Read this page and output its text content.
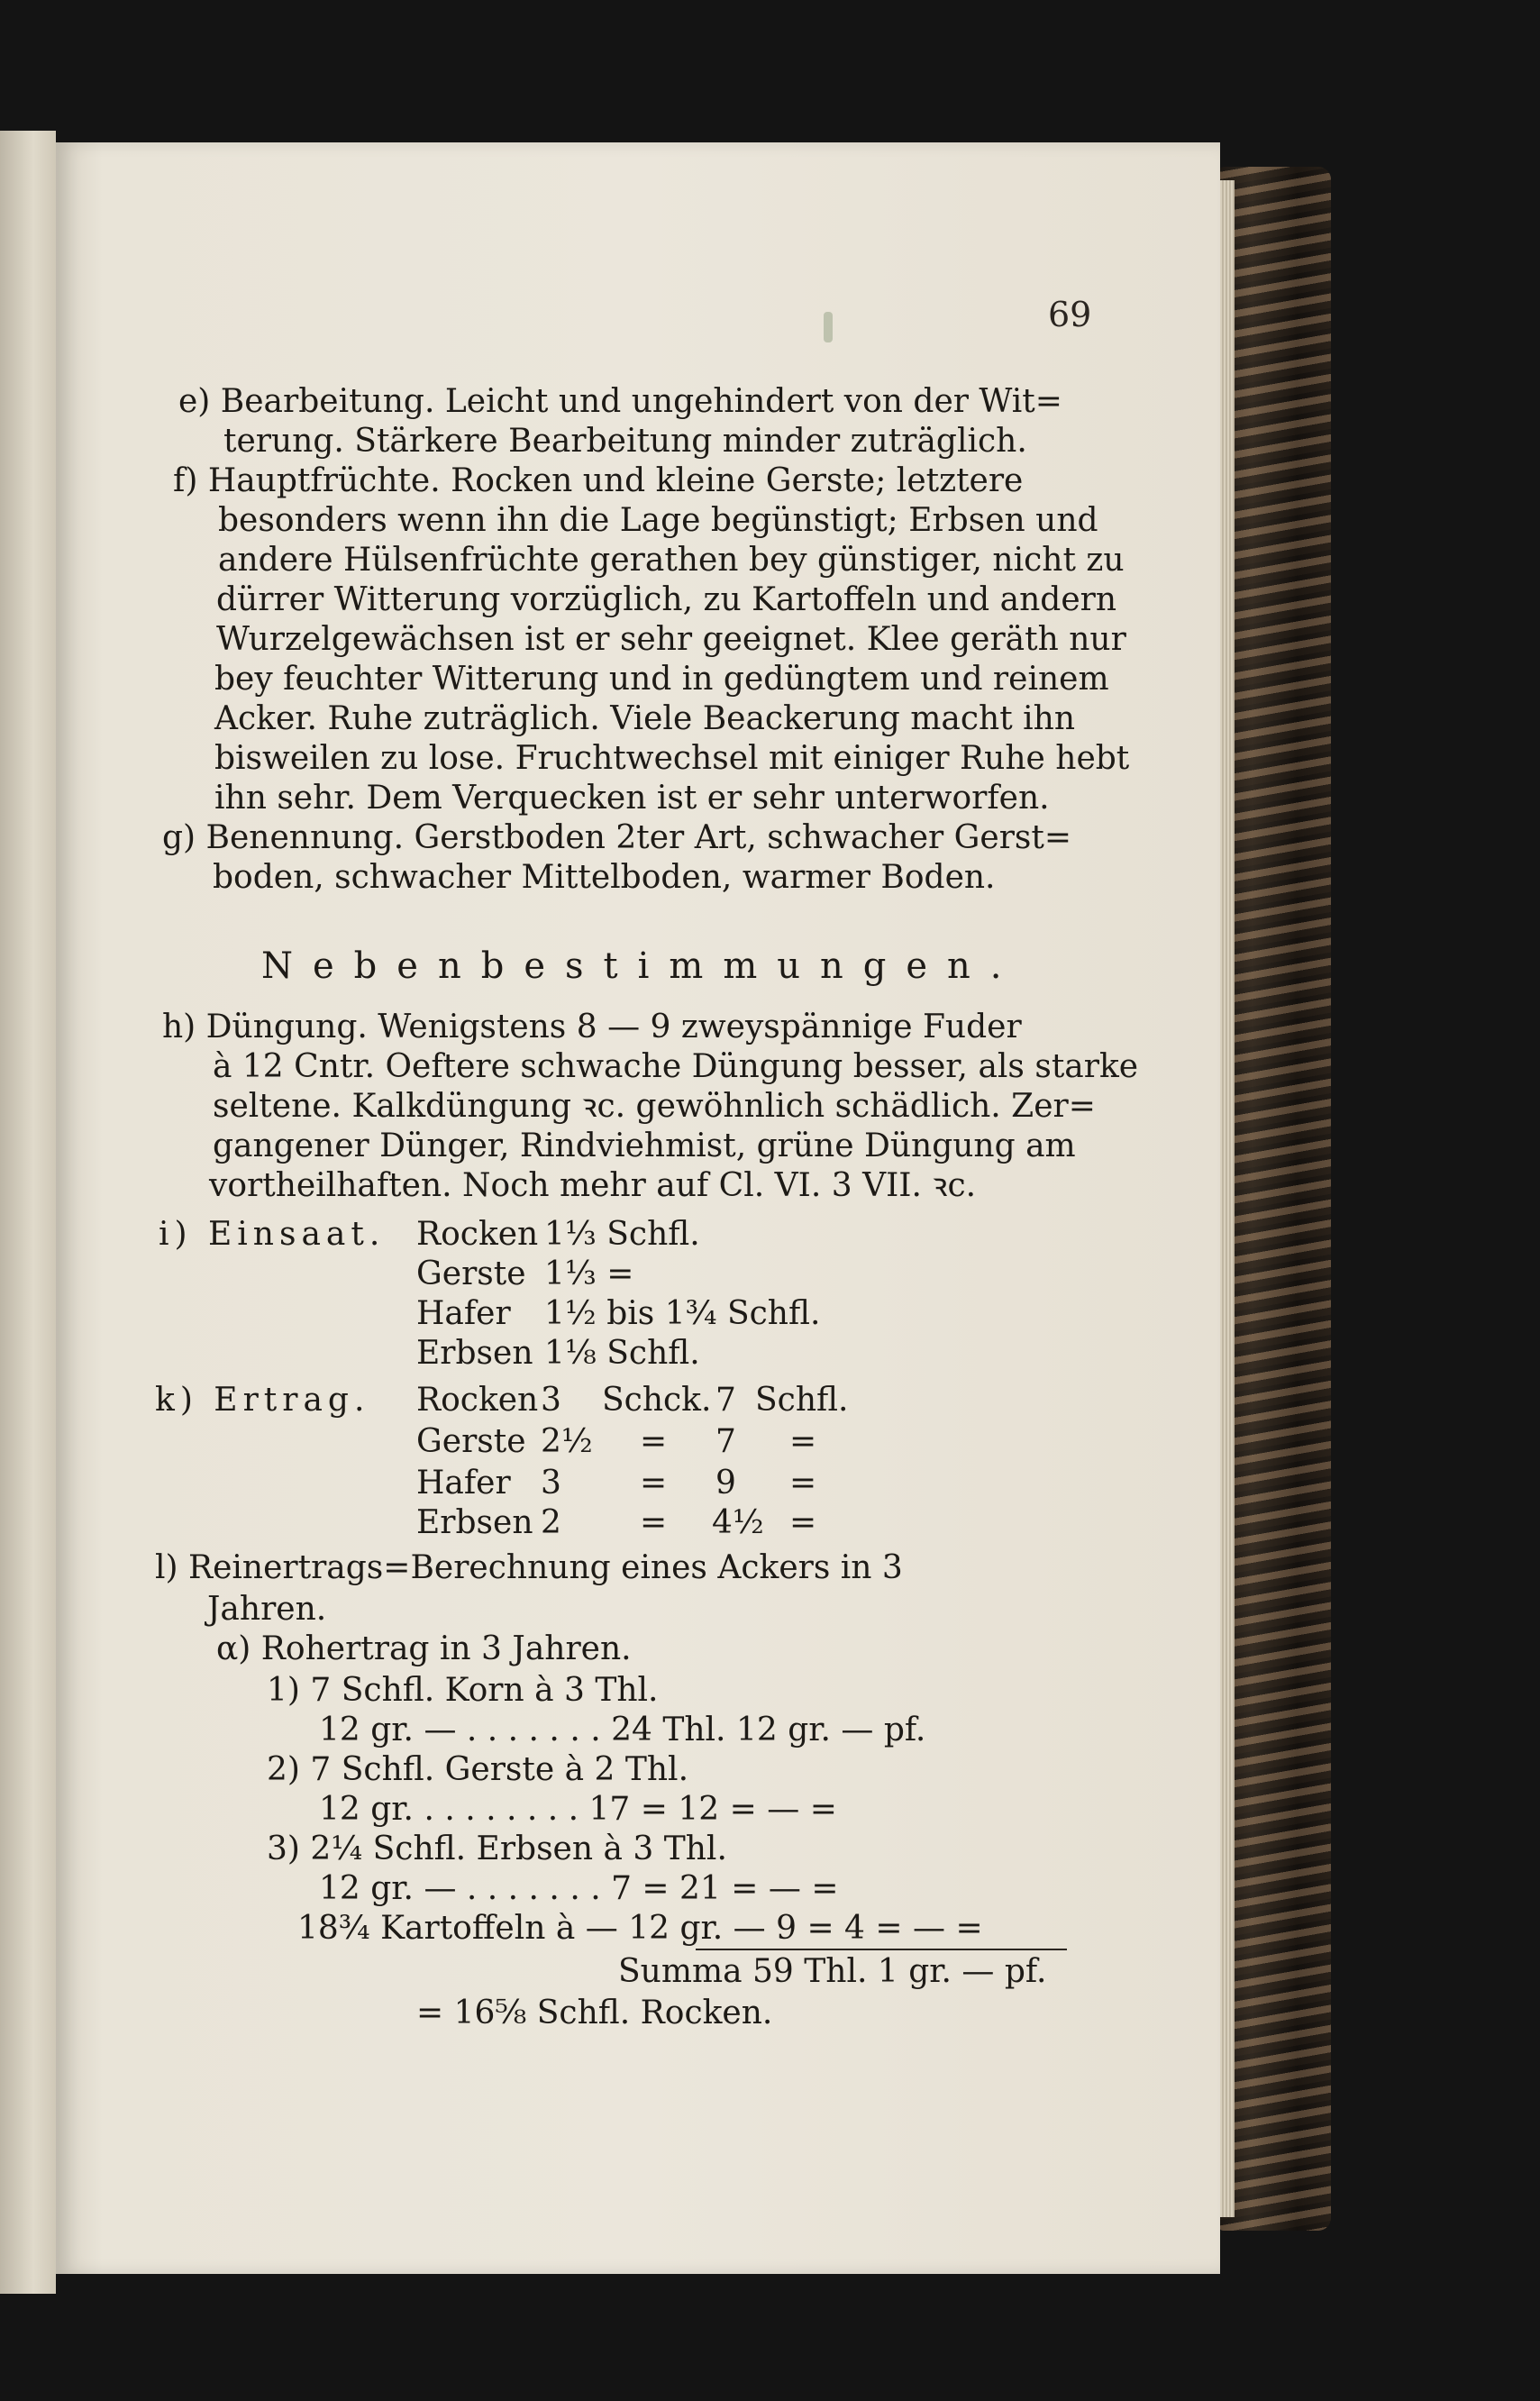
69
e) Bearbeitung. Leicht und ungehindert von der Wit=
terung. Stärkere Bearbeitung minder zuträglich.
f) Hauptfrüchte. Rocken und kleine Gerste; letztere
besonders wenn ihn die Lage begünstigt; Erbsen und
andere Hülsenfrüchte gerathen bey günstiger, nicht zu
dürrer Witterung vorzüglich, zu Kartoffeln und andern
Wurzelgewächsen ist er sehr geeignet. Klee geräth nur
bey feuchter Witterung und in gedüngtem und reinem
Acker. Ruhe zuträglich. Viele Beackerung macht ihn
bisweilen zu lose. Fruchtwechsel mit einiger Ruhe hebt
ihn sehr. Dem Verquecken ist er sehr unterworfen.
g) Benennung. Gerstboden 2ter Art, schwacher Gerst=
boden, schwacher Mittelboden, warmer Boden.
Nebenbestimmungen.
h) Düngung. Wenigstens 8 — 9 zweyspännige Fuder
à 12 Cntr. Oeftere schwache Düngung besser, als starke
seltene. Kalkdüngung ꝛc. gewöhnlich schädlich. Zer=
gangener Dünger, Rindviehmist, grüne Düngung am
vortheilhaften. Noch mehr auf Cl. VI. 3 VII. ꝛc.
i) Einsaat. Rocken 1⅓ Schfl.
Gerste 1⅓ =
Hafer 1½ bis 1¾ Schfl.
Erbsen 1⅛ Schfl.
k) Ertrag. Rocken 3 Schck. 7 Schfl.
Gerste 2½ = 7 =
Hafer 3 = 9 =
Erbsen 2 = 4½ =
l) Reinertrags=Berechnung eines Ackers in 3
Jahren.
α) Rohertrag in 3 Jahren.
1) 7 Schfl. Korn à 3 Thl.
12 gr. — . . . . . . . 24 Thl. 12 gr. — pf.
2) 7 Schfl. Gerste à 2 Thl.
12 gr. . . . . . . . . 17 = 12 = — =
3) 2¼ Schfl. Erbsen à 3 Thl.
12 gr. — . . . . . . . 7 = 21 = — =
18¾ Kartoffeln à — 12 gr. — 9 = 4 = — =
Summa 59 Thl. 1 gr. — pf.
= 16⅝ Schfl. Rocken.
